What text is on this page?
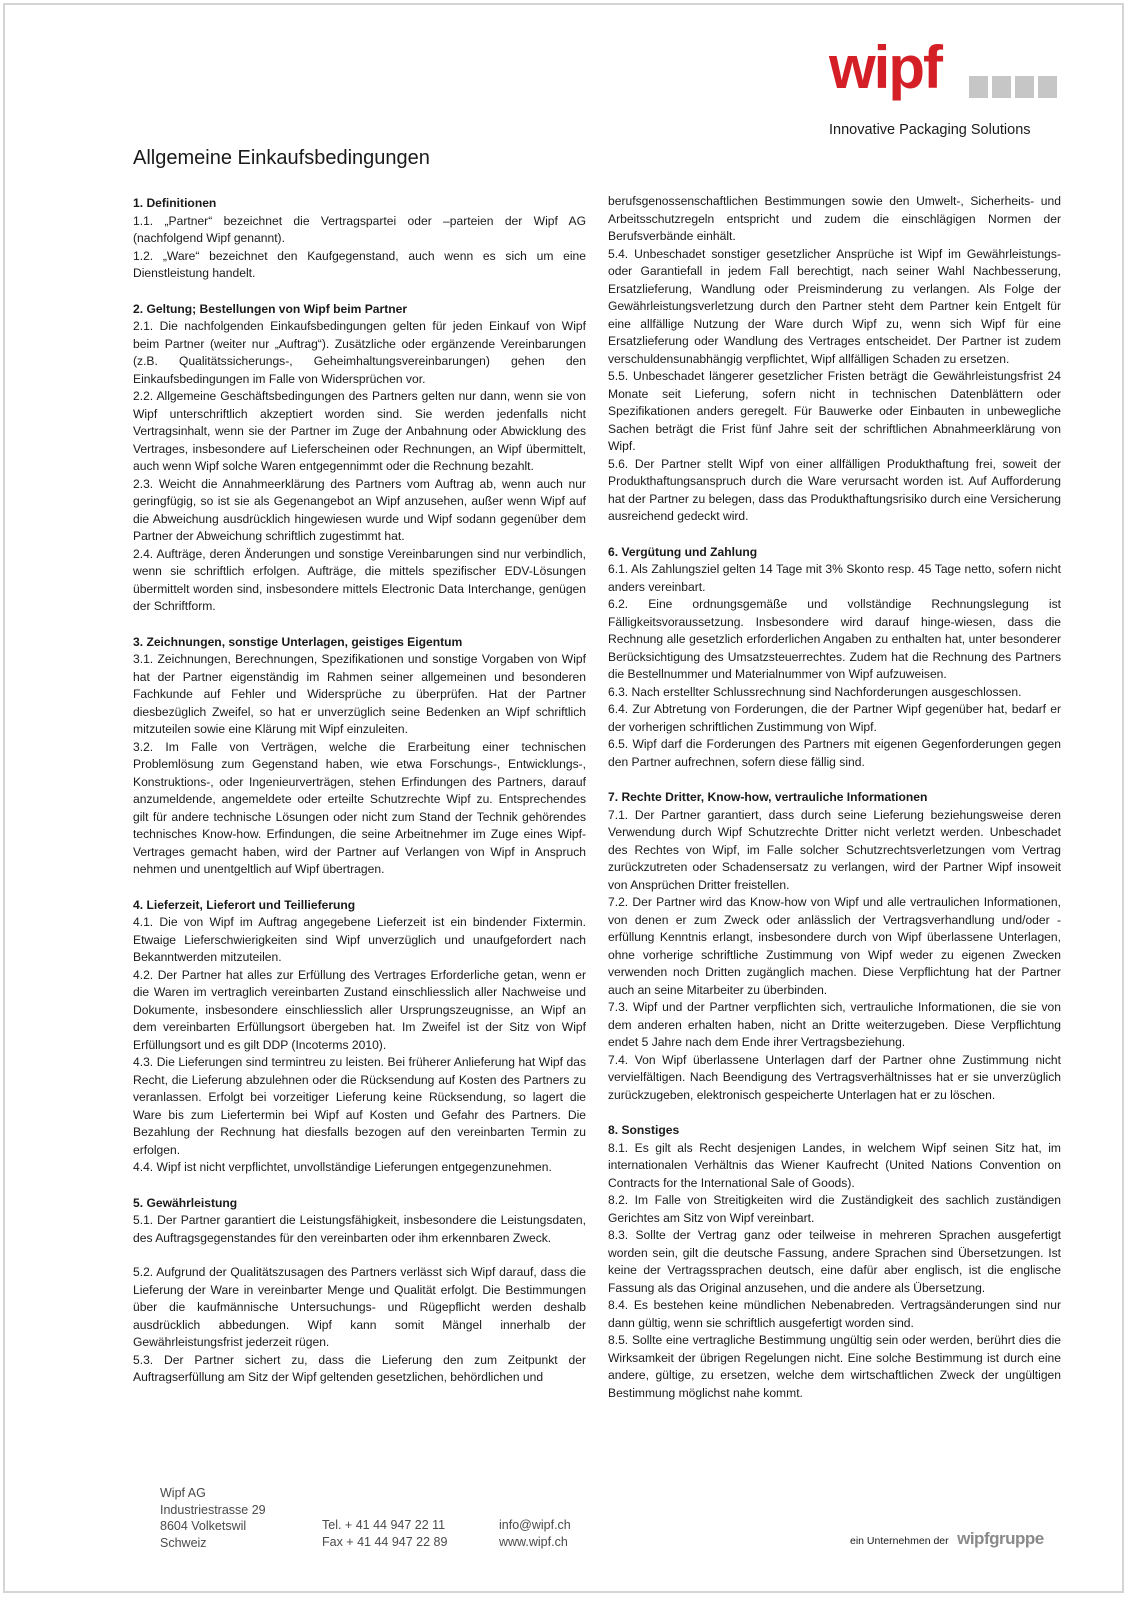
wipf
Innovative Packaging Solutions
Allgemeine Einkaufsbedingungen
1. Definitionen

1.1. „Partner“ bezeichnet die Vertragspartei oder –parteien der Wipf AG (nachfolgend Wipf genannt).

1.2. „Ware“ bezeichnet den Kaufgegenstand, auch wenn es sich um eine Dienstleistung handelt.

2. Geltung; Bestellungen von Wipf beim Partner

2.1. Die nachfolgenden Einkaufsbedingungen gelten für jeden Einkauf von Wipf beim Partner (weiter nur „Auftrag“). Zusätzliche oder ergänzende Vereinbarungen (z.B. Qualitätssicherungs-, Geheimhaltungsvereinbarungen) gehen den Einkaufsbedingungen im Falle von Widersprüchen vor.

2.2. Allgemeine Geschäftsbedingungen des Partners gelten nur dann, wenn sie von Wipf unterschriftlich akzeptiert worden sind. Sie werden jedenfalls nicht Vertragsinhalt, wenn sie der Partner im Zuge der Anbahnung oder Abwicklung des Vertrages, insbesondere auf Lieferscheinen oder Rechnungen, an Wipf übermittelt, auch wenn Wipf solche Waren entgegennimmt oder die Rechnung bezahlt.

2.3. Weicht die Annahmeerklärung des Partners vom Auftrag ab, wenn auch nur geringfügig, so ist sie als Gegenangebot an Wipf anzusehen, außer wenn Wipf auf die Abweichung ausdrücklich hingewiesen wurde und Wipf sodann gegenüber dem Partner der Abweichung schriftlich zugestimmt hat.

2.4. Aufträge, deren Änderungen und sonstige Vereinbarungen sind nur verbindlich, wenn sie schriftlich erfolgen. Aufträge, die mittels spezifischer EDV-Lösungen übermittelt worden sind, insbesondere mittels Electronic Data Interchange, genügen der Schriftform.

3. Zeichnungen, sonstige Unterlagen, geistiges Eigentum

3.1. Zeichnungen, Berechnungen, Spezifikationen und sonstige Vorgaben von Wipf hat der Partner eigenständig im Rahmen seiner allgemeinen und besonderen Fachkunde auf Fehler und Widersprüche zu überprüfen. Hat der Partner diesbezüglich Zweifel, so hat er unverzüglich seine Bedenken an Wipf schriftlich mitzuteilen sowie eine Klärung mit Wipf einzuleiten.

3.2. Im Falle von Verträgen, welche die Erarbeitung einer technischen Problemlösung zum Gegenstand haben, wie etwa Forschungs-, Entwicklungs-, Konstruktions-, oder Ingenieurverträgen, stehen Erfindungen des Partners, darauf anzumeldende, angemeldete oder erteilte Schutzrechte Wipf zu. Entsprechendes gilt für andere technische Lösungen oder nicht zum Stand der Technik gehörendes technisches Know-how. Erfindungen, die seine Arbeitnehmer im Zuge eines Wipf-Vertrages gemacht haben, wird der Partner auf Verlangen von Wipf in Anspruch nehmen und unentgeltlich auf Wipf übertragen.

4. Lieferzeit, Lieferort und Teillieferung

4.1. Die von Wipf im Auftrag angegebene Lieferzeit ist ein bindender Fixtermin. Etwaige Lieferschwierigkeiten sind Wipf unverzüglich und unaufgefordert nach Bekanntwerden mitzuteilen.

4.2. Der Partner hat alles zur Erfüllung des Vertrages Erforderliche getan, wenn er die Waren im vertraglich vereinbarten Zustand einschliesslich aller Nachweise und Dokumente, insbesondere einschliesslich aller Ursprungszeugnisse, an Wipf an dem vereinbarten Erfüllungsort übergeben hat. Im Zweifel ist der Sitz von Wipf Erfüllungsort und es gilt DDP (Incoterms 2010).

4.3. Die Lieferungen sind termintreu zu leisten. Bei früherer Anlieferung hat Wipf das Recht, die Lieferung abzulehnen oder die Rücksendung auf Kosten des Partners zu veranlassen. Erfolgt bei vorzeitiger Lieferung keine Rücksendung, so lagert die Ware bis zum Liefertermin bei Wipf auf Kosten und Gefahr des Partners. Die Bezahlung der Rechnung hat diesfalls bezogen auf den vereinbarten Termin zu erfolgen.

4.4. Wipf ist nicht verpflichtet, unvollständige Lieferungen entgegenzunehmen.

5. Gewährleistung

5.1. Der Partner garantiert die Leistungsfähigkeit, insbesondere die Leistungsdaten, des Auftragsgegenstandes für den vereinbarten oder ihm erkennbaren Zweck.

5.2. Aufgrund der Qualitätszusagen des Partners verlässt sich Wipf darauf, dass die Lieferung der Ware in vereinbarter Menge und Qualität erfolgt. Die Bestimmungen über die kaufmännische Untersuchungs- und Rügepflicht werden deshalb ausdrücklich abbedungen. Wipf kann somit Mängel innerhalb der Gewährleistungsfrist jederzeit rügen.

5.3. Der Partner sichert zu, dass die Lieferung den zum Zeitpunkt der Auftragserfüllung am Sitz der Wipf geltenden gesetzlichen, behördlichen und

berufsgenossenschaftlichen Bestimmungen sowie den Umwelt-, Sicherheits- und Arbeitsschutzregeln entspricht und zudem die einschlägigen Normen der Berufsverbände einhält.

5.4. Unbeschadet sonstiger gesetzlicher Ansprüche ist Wipf im Gewährleistungs- oder Garantiefall in jedem Fall berechtigt, nach seiner Wahl Nachbesserung, Ersatzlieferung, Wandlung oder Preisminderung zu verlangen. Als Folge der Gewährleistungsverletzung durch den Partner steht dem Partner kein Entgelt für eine allfällige Nutzung der Ware durch Wipf zu, wenn sich Wipf für eine Ersatzlieferung oder Wandlung des Vertrages entscheidet. Der Partner ist zudem verschuldensunabhängig verpflichtet, Wipf allfälligen Schaden zu ersetzen.

5.5. Unbeschadet längerer gesetzlicher Fristen beträgt die Gewährleistungsfrist 24 Monate seit Lieferung, sofern nicht in technischen Datenblättern oder Spezifikationen anders geregelt. Für Bauwerke oder Einbauten in unbewegliche Sachen beträgt die Frist fünf Jahre seit der schriftlichen Abnahmeerklärung von Wipf.

5.6. Der Partner stellt Wipf von einer allfälligen Produkthaftung frei, soweit der Produkthaftungsanspruch durch die Ware verursacht worden ist. Auf Aufforderung hat der Partner zu belegen, dass das Produkthaftungsrisiko durch eine Versicherung ausreichend gedeckt wird.

6. Vergütung und Zahlung

6.1. Als Zahlungsziel gelten 14 Tage mit 3% Skonto resp. 45 Tage netto, sofern nicht anders vereinbart.

6.2. Eine ordnungsgemäße und vollständige Rechnungslegung ist Fälligkeitsvoraussetzung. Insbesondere wird darauf hinge-wiesen, dass die Rechnung alle gesetzlich erforderlichen Angaben zu enthalten hat, unter besonderer Berücksichtigung des Umsatzsteuerrechtes. Zudem hat die Rechnung des Partners die Bestellnummer und Materialnummer von Wipf aufzuweisen.

6.3. Nach erstellter Schlussrechnung sind Nachforderungen ausgeschlossen.

6.4. Zur Abtretung von Forderungen, die der Partner Wipf gegenüber hat, bedarf er der vorherigen schriftlichen Zustimmung von Wipf.

6.5. Wipf darf die Forderungen des Partners mit eigenen Gegenforderungen gegen den Partner aufrechnen, sofern diese fällig sind.

7. Rechte Dritter, Know-how, vertrauliche Informationen

7.1. Der Partner garantiert, dass durch seine Lieferung beziehungsweise deren Verwendung durch Wipf Schutzrechte Dritter nicht verletzt werden. Unbeschadet des Rechtes von Wipf, im Falle solcher Schutzrechtsverletzungen vom Vertrag zurückzutreten oder Schadensersatz zu verlangen, wird der Partner Wipf insoweit von Ansprüchen Dritter freistellen.

7.2. Der Partner wird das Know-how von Wipf und alle vertraulichen Informationen, von denen er zum Zweck oder anlässlich der Vertragsverhandlung und/oder -erfüllung Kenntnis erlangt, insbesondere durch von Wipf überlassene Unterlagen, ohne vorherige schriftliche Zustimmung von Wipf weder zu eigenen Zwecken verwenden noch Dritten zugänglich machen. Diese Verpflichtung hat der Partner auch an seine Mitarbeiter zu überbinden.

7.3. Wipf und der Partner verpflichten sich, vertrauliche Informationen, die sie von dem anderen erhalten haben, nicht an Dritte weiterzugeben. Diese Verpflichtung endet 5 Jahre nach dem Ende ihrer Vertragsbeziehung.

7.4. Von Wipf überlassene Unterlagen darf der Partner ohne Zustimmung nicht vervielfältigen. Nach Beendigung des Vertragsverhältnisses hat er sie unverzüglich zurückzugeben, elektronisch gespeicherte Unterlagen hat er zu löschen.

8. Sonstiges

8.1. Es gilt als Recht desjenigen Landes, in welchem Wipf seinen Sitz hat, im internationalen Verhältnis das Wiener Kaufrecht (United Nations Convention on Contracts for the International Sale of Goods).

8.2. Im Falle von Streitigkeiten wird die Zuständigkeit des sachlich zuständigen Gerichtes am Sitz von Wipf vereinbart.

8.3. Sollte der Vertrag ganz oder teilweise in mehreren Sprachen ausgefertigt worden sein, gilt die deutsche Fassung, andere Sprachen sind Übersetzungen. Ist keine der Vertragssprachen deutsch, eine dafür aber englisch, ist die englische Fassung als das Original anzusehen, und die andere als Übersetzung.

8.4. Es bestehen keine mündlichen Nebenabreden. Vertragsänderungen sind nur dann gültig, wenn sie schriftlich ausgefertigt worden sind.

8.5. Sollte eine vertragliche Bestimmung ungültig sein oder werden, berührt dies die Wirksamkeit der übrigen Regelungen nicht. Eine solche Bestimmung ist durch eine andere, gültige, zu ersetzen, welche dem wirtschaftlichen Zweck der ungültigen Bestimmung möglichst nahe kommt.

Wipf AG
Industriestrasse 29
8604 Volketswil
Schweiz
Tel. + 41 44 947 22 11
Fax + 41 44 947 22 89
info@wipf.ch
www.wipf.ch	ein Unternehmen der wipfgruppe
